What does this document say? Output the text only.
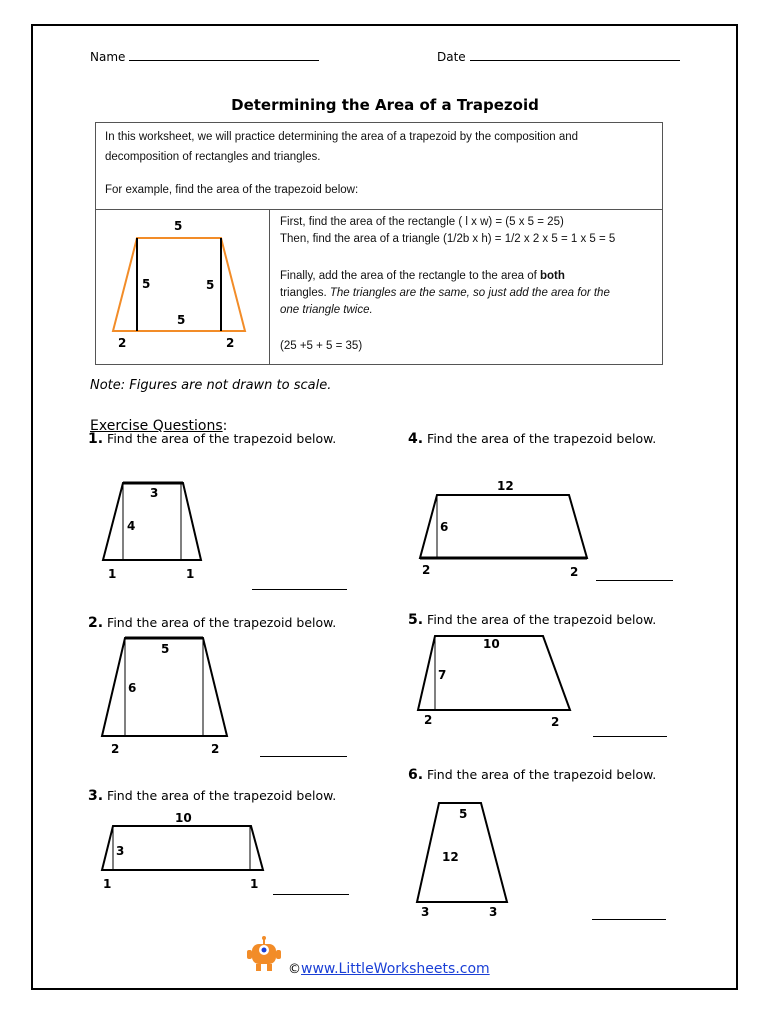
Name	Date
Determining the Area of a Trapezoid
In this worksheet, we will practice determining the area of a trapezoid by the composition and
decomposition of rectangles and triangles.
For example, find the area of the trapezoid below:
5
5	5
5
2	2
First, find the area of the rectangle ( l x w) = (5 x 5 = 25)
Then, find the area of a triangle (1/2b x h) = 1/2 x 2 x 5 = 1 x 5 = 5
Finally, add the area of the rectangle to the area of both
triangles. The triangles are the same, so just add the area for the
one triangle twice.
(25 +5 + 5 = 35)
Note: Figures are not drawn to scale.
Exercise Questions:
1. Find the area of the trapezoid below.
3
4
1	1
2. Find the area of the trapezoid below.
5
6
2	2
3. Find the area of the trapezoid below.
10
3
1	1
4. Find the area of the trapezoid below.
12
6
2	2
5. Find the area of the trapezoid below.
10
7
2	2
6. Find the area of the trapezoid below.
5
12
3	3
©www.LittleWorksheets.com
